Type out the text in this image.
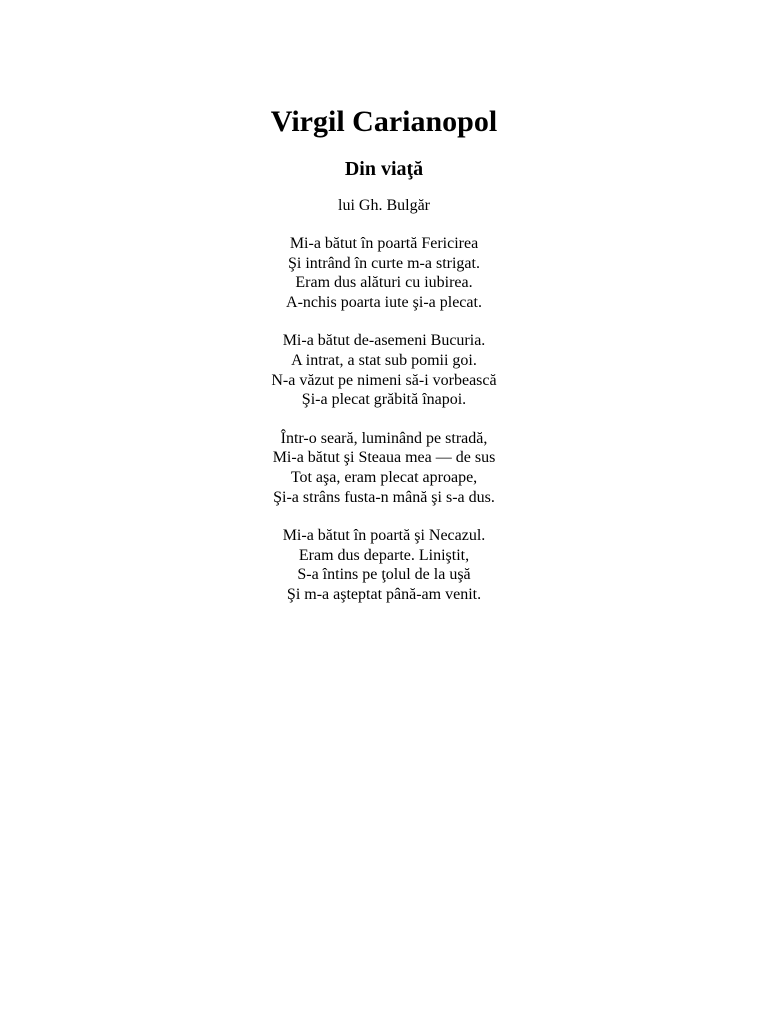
Virgil Carianopol
Din viaţă
lui Gh. Bulgăr
Mi-a bătut în poartă Fericirea
Şi intrând în curte m-a strigat.
Eram dus alături cu iubirea.
A-nchis poarta iute şi-a plecat.
Mi-a bătut de-asemeni Bucuria.
A intrat, a stat sub pomii goi.
N-a văzut pe nimeni să-i vorbească
Şi-a plecat grăbită înapoi.
Într-o seară, luminând pe stradă,
Mi-a bătut şi Steaua mea — de sus
Tot aşa, eram plecat aproape,
Şi-a strâns fusta-n mână şi s-a dus.
Mi-a bătut în poartă şi Necazul.
Eram dus departe. Liniştit,
S-a întins pe ţolul de la uşă
Şi m-a aşteptat până-am venit.
